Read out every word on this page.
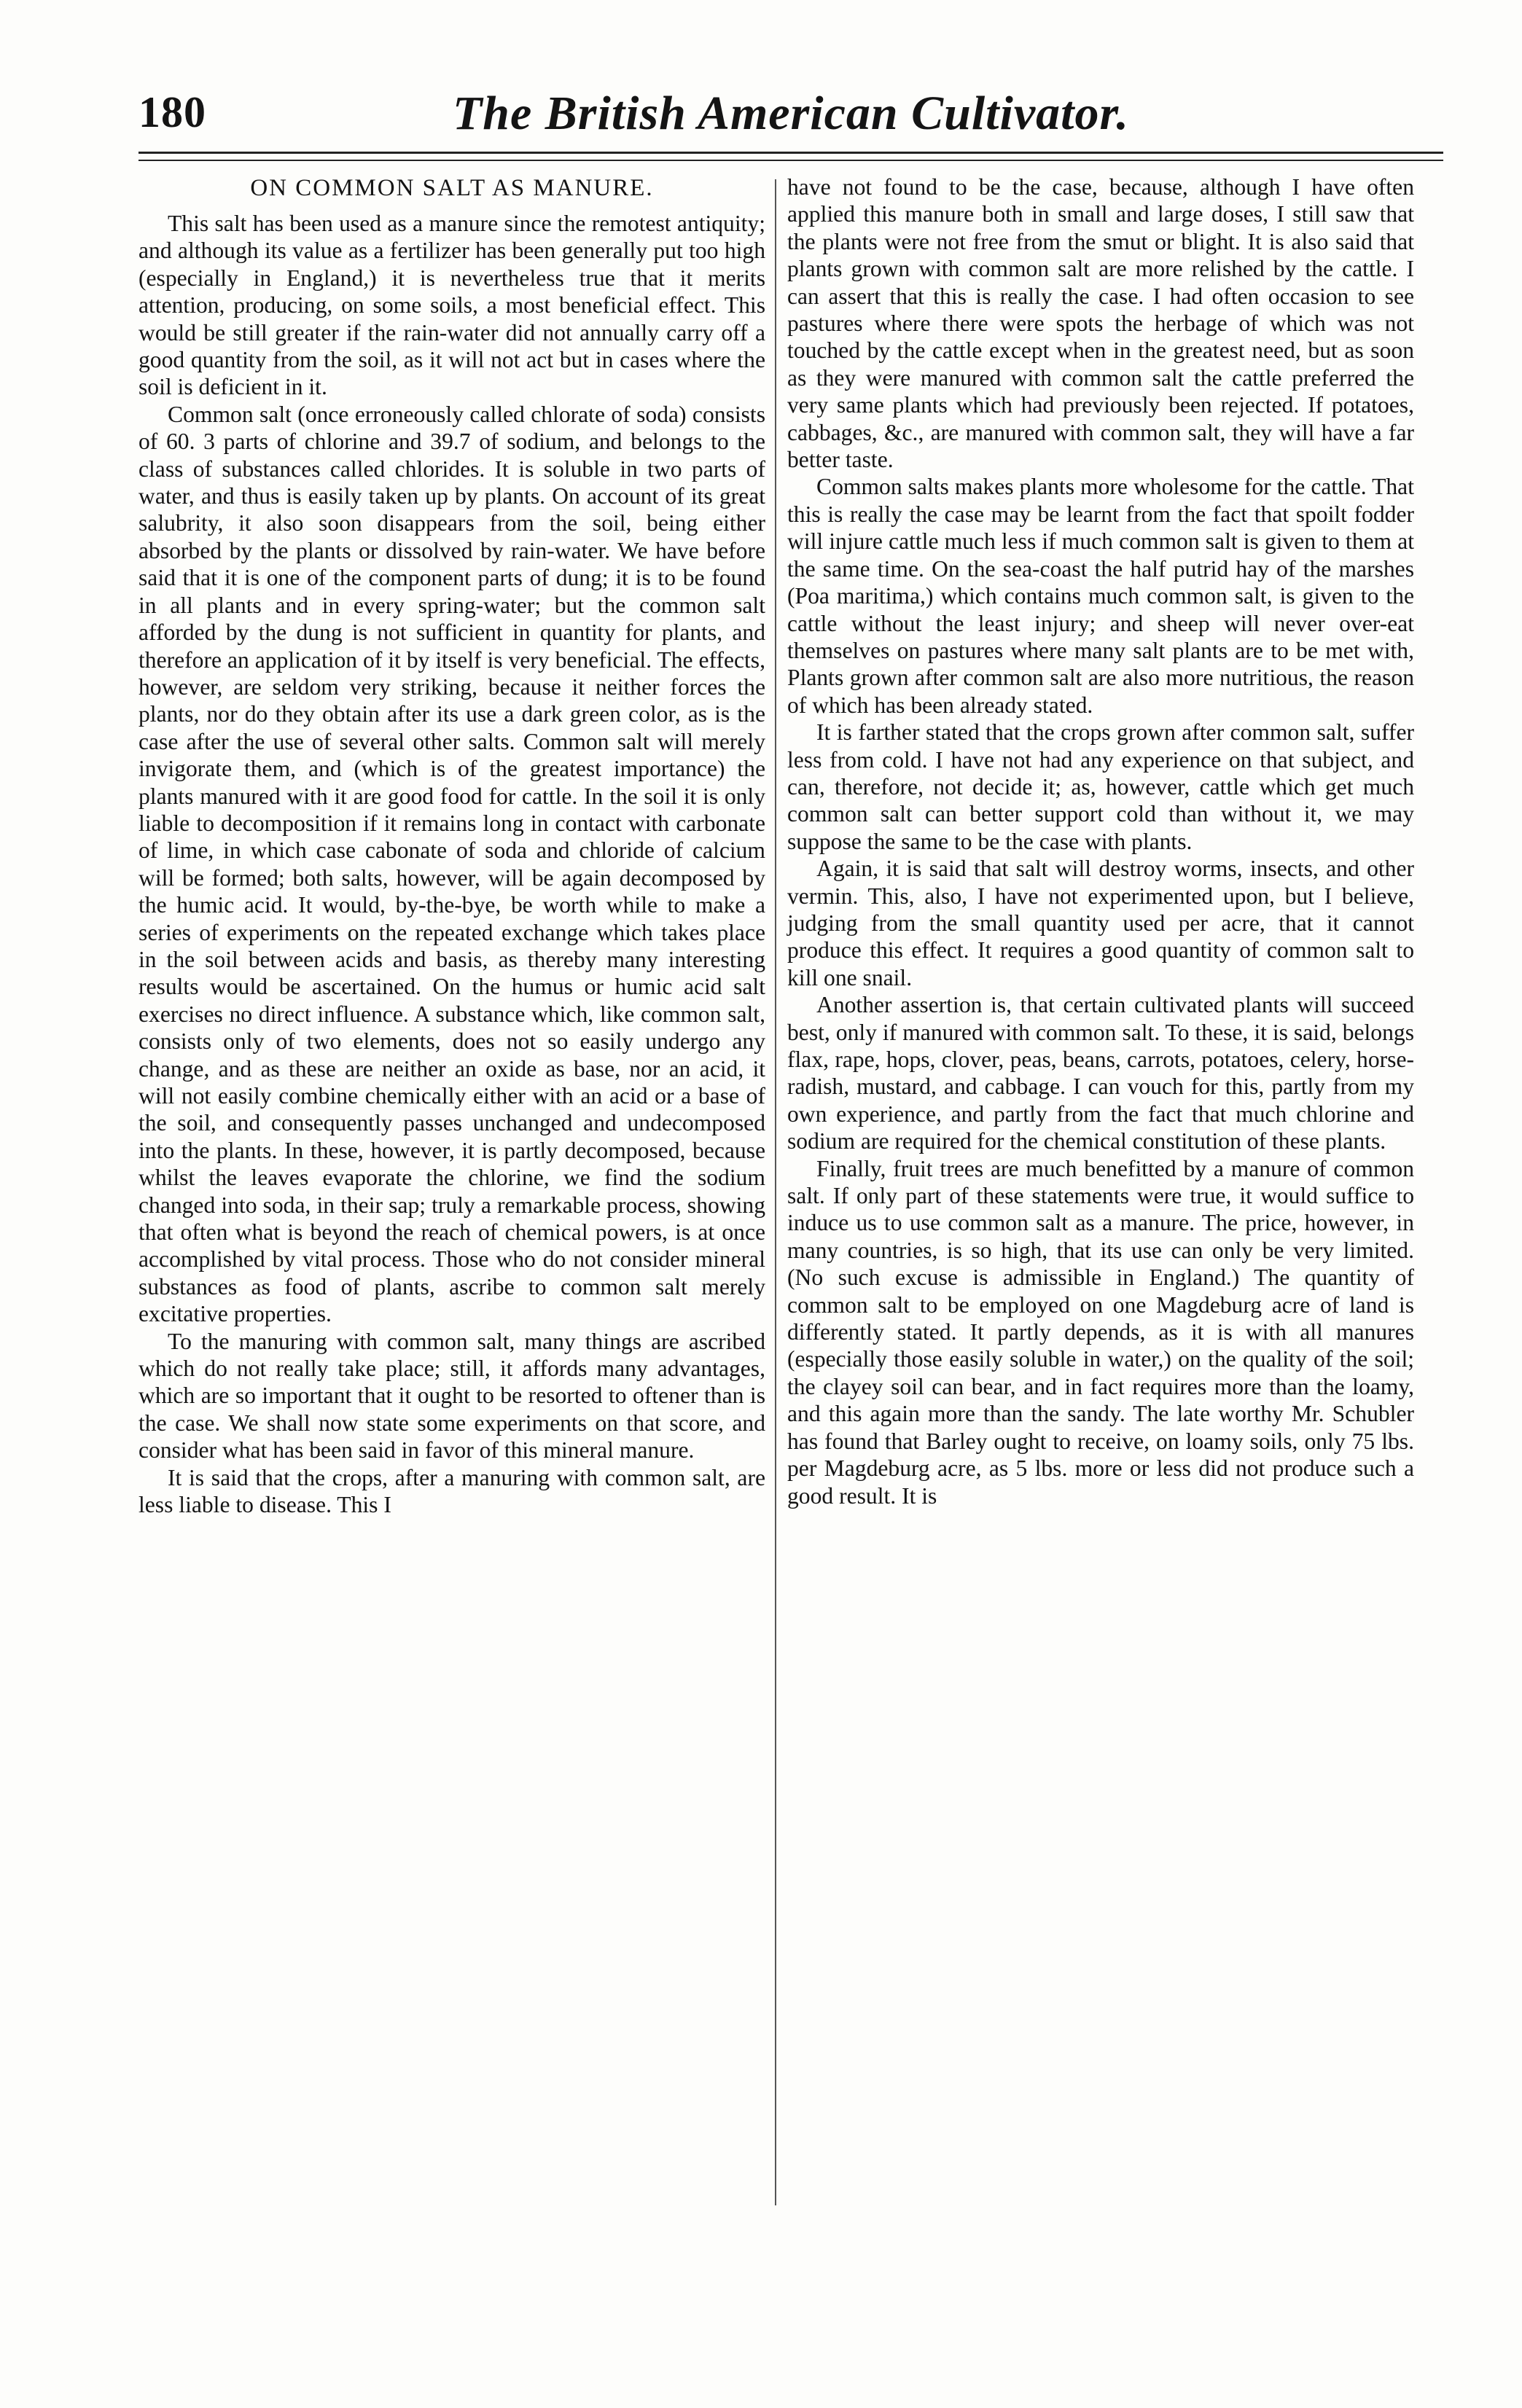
180	The British American Cultivator.
ON COMMON SALT AS MANURE.

This salt has been used as a manure since the remotest antiquity; and although its value as a fertilizer has been generally put too high (especially in England,) it is nevertheless true that it merits attention, producing, on some soils, a most beneficial effect. This would be still greater if the rain-water did not annually carry off a good quantity from the soil, as it will not act but in cases where the soil is deficient in it.

Common salt (once erroneously called chlorate of soda) consists of 60. 3 parts of chlorine and 39.7 of sodium, and belongs to the class of substances called chlorides. It is soluble in two parts of water, and thus is easily taken up by plants. On account of its great salubrity, it also soon disappears from the soil, being either absorbed by the plants or dissolved by rain-water. We have before said that it is one of the component parts of dung; it is to be found in all plants and in every spring-water; but the common salt afforded by the dung is not sufficient in quantity for plants, and therefore an application of it by itself is very beneficial. The effects, however, are seldom very striking, because it neither forces the plants, nor do they obtain after its use a dark green color, as is the case after the use of several other salts. Common salt will merely invigorate them, and (which is of the greatest importance) the plants manured with it are good food for cattle. In the soil it is only liable to decomposition if it remains long in contact with carbonate of lime, in which case cabonate of soda and chloride of calcium will be formed; both salts, however, will be again decomposed by the humic acid. It would, by-the-bye, be worth while to make a series of experiments on the repeated exchange which takes place in the soil between acids and basis, as thereby many interesting results would be ascertained. On the humus or humic acid salt exercises no direct influence. A substance which, like common salt, consists only of two elements, does not so easily undergo any change, and as these are neither an oxide as base, nor an acid, it will not easily combine chemically either with an acid or a base of the soil, and consequently passes unchanged and undecomposed into the plants. In these, however, it is partly decomposed, because whilst the leaves evaporate the chlorine, we find the sodium changed into soda, in their sap; truly a remarkable process, showing that often what is beyond the reach of chemical powers, is at once accomplished by vital process. Those who do not consider mineral substances as food of plants, ascribe to common salt merely excitative properties.

To the manuring with common salt, many things are ascribed which do not really take place; still, it affords many advantages, which are so important that it ought to be resorted to oftener than is the case. We shall now state some experiments on that score, and consider what has been said in favor of this mineral manure.

It is said that the crops, after a manuring with common salt, are less liable to disease. This I

have not found to be the case, because, although I have often applied this manure both in small and large doses, I still saw that the plants were not free from the smut or blight. It is also said that plants grown with common salt are more relished by the cattle. I can assert that this is really the case. I had often occasion to see pastures where there were spots the herbage of which was not touched by the cattle except when in the greatest need, but as soon as they were manured with common salt the cattle preferred the very same plants which had previously been rejected. If potatoes, cabbages, &c., are manured with common salt, they will have a far better taste.

Common salts makes plants more wholesome for the cattle. That this is really the case may be learnt from the fact that spoilt fodder will injure cattle much less if much common salt is given to them at the same time. On the sea-coast the half putrid hay of the marshes (Poa maritima,) which contains much common salt, is given to the cattle without the least injury; and sheep will never over-eat themselves on pastures where many salt plants are to be met with, Plants grown after common salt are also more nutritious, the reason of which has been already stated.

It is farther stated that the crops grown after common salt, suffer less from cold. I have not had any experience on that subject, and can, therefore, not decide it; as, however, cattle which get much common salt can better support cold than without it, we may suppose the same to be the case with plants.

Again, it is said that salt will destroy worms, insects, and other vermin. This, also, I have not experimented upon, but I believe, judging from the small quantity used per acre, that it cannot produce this effect. It requires a good quantity of common salt to kill one snail.

Another assertion is, that certain cultivated plants will succeed best, only if manured with common salt. To these, it is said, belongs flax, rape, hops, clover, peas, beans, carrots, potatoes, celery, horse-radish, mustard, and cabbage. I can vouch for this, partly from my own experience, and partly from the fact that much chlorine and sodium are required for the chemical constitution of these plants.

Finally, fruit trees are much benefitted by a manure of common salt. If only part of these statements were true, it would suffice to induce us to use common salt as a manure. The price, however, in many countries, is so high, that its use can only be very limited. (No such excuse is admissible in England.) The quantity of common salt to be employed on one Magdeburg acre of land is differently stated. It partly depends, as it is with all manures (especially those easily soluble in water,) on the quality of the soil; the clayey soil can bear, and in fact requires more than the loamy, and this again more than the sandy. The late worthy Mr. Schubler has found that Barley ought to receive, on loamy soils, only 75 lbs. per Magdeburg acre, as 5 lbs. more or less did not produce such a good result. It is
